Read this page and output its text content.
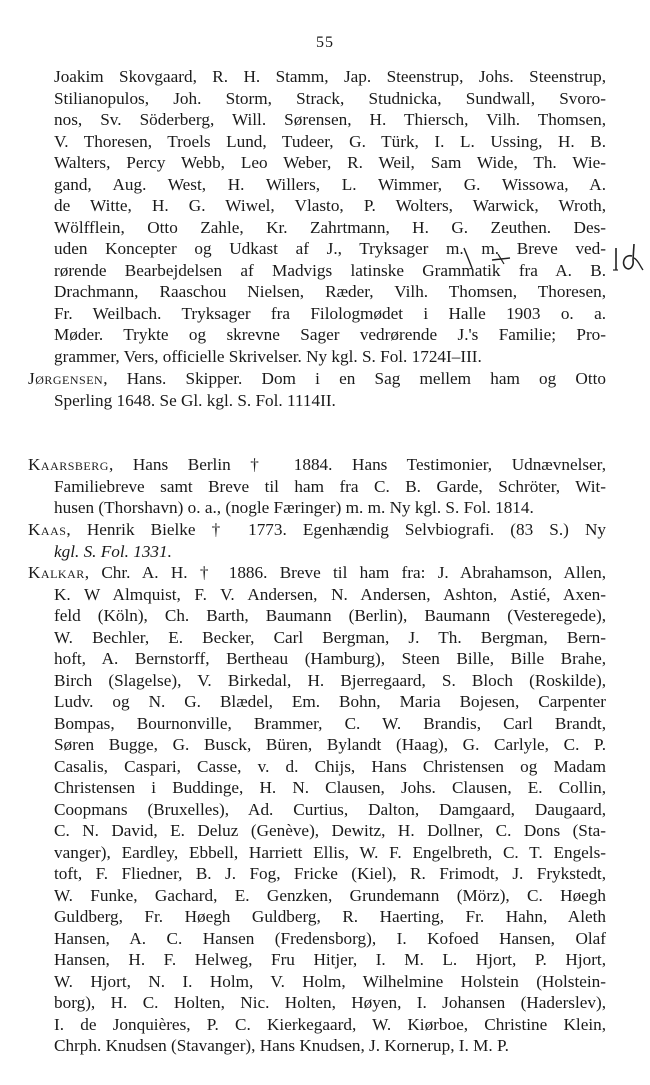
55
Joakim Skovgaard, R. H. Stamm, Jap. Steenstrup, Johs. Steenstrup,
Stilianopulos, Joh. Storm, Strack, Studnicka, Sundwall, Svoro-
nos, Sv. Söderberg, Will. Sørensen, H. Thiersch, Vilh. Thomsen,
V. Thoresen, Troels Lund, Tudeer, G. Türk, I. L. Ussing, H. B.
Walters, Percy Webb, Leo Weber, R. Weil, Sam Wide, Th. Wie-
gand, Aug. West, H. Willers, L. Wimmer, G. Wissowa, A.
de Witte, H. G. Wiwel, Vlasto, P. Wolters, Warwick, Wroth,
Wölfflein, Otto Zahle, Kr. Zahrtmann, H. G. Zeuthen. Des-
uden Koncepter og Udkast af J., Tryksager m. m. Breve ved-
rørende Bearbejdelsen af Madvigs latinske Grammatik fra A. B.
Drachmann, Raaschou Nielsen, Ræder, Vilh. Thomsen, Thoresen,
Fr. Weilbach. Tryksager fra Filologmødet i Halle 1903 o. a.
Møder. Trykte og skrevne Sager vedrørende J.'s Familie; Pro-
grammer, Vers, officielle Skrivelser. Ny kgl. S. Fol. 1724I–III.
Jørgensen, Hans. Skipper. Dom i en Sag mellem ham og Otto
Sperling 1648. Se Gl. kgl. S. Fol. 1114II.
Kaarsberg, Hans Berlin † 1884. Hans Testimonier, Udnævnelser,
Familiebreve samt Breve til ham fra C. B. Garde, Schröter, Wit-
husen (Thorshavn) o. a., (nogle Færinger) m. m. Ny kgl. S. Fol. 1814.
Kaas, Henrik Bielke † 1773. Egenhændig Selvbiografi. (83 S.) Ny
kgl. S. Fol. 1331.
Kalkar, Chr. A. H. † 1886. Breve til ham fra: J. Abrahamson, Allen,
K. W Almquist, F. V. Andersen, N. Andersen, Ashton, Astié, Axen-
feld (Köln), Ch. Barth, Baumann (Berlin), Baumann (Vesteregede),
W. Bechler, E. Becker, Carl Bergman, J. Th. Bergman, Bern-
hoft, A. Bernstorff, Bertheau (Hamburg), Steen Bille, Bille Brahe,
Birch (Slagelse), V. Birkedal, H. Bjerregaard, S. Bloch (Roskilde),
Ludv. og N. G. Blædel, Em. Bohn, Maria Bojesen, Carpenter
Bompas, Bournonville, Brammer, C. W. Brandis, Carl Brandt,
Søren Bugge, G. Busck, Büren, Bylandt (Haag), G. Carlyle, C. P.
Casalis, Caspari, Casse, v. d. Chijs, Hans Christensen og Madam
Christensen i Buddinge, H. N. Clausen, Johs. Clausen, E. Collin,
Coopmans (Bruxelles), Ad. Curtius, Dalton, Damgaard, Daugaard,
C. N. David, E. Deluz (Genève), Dewitz, H. Dollner, C. Dons (Sta-
vanger), Eardley, Ebbell, Harriett Ellis, W. F. Engelbreth, C. T. Engels-
toft, F. Fliedner, B. J. Fog, Fricke (Kiel), R. Frimodt, J. Frykstedt,
W. Funke, Gachard, E. Genzken, Grundemann (Mörz), C. Høegh
Guldberg, Fr. Høegh Guldberg, R. Haerting, Fr. Hahn, Aleth
Hansen, A. C. Hansen (Fredensborg), I. Kofoed Hansen, Olaf
Hansen, H. F. Helweg, Fru Hitjer, I. M. L. Hjort, P. Hjort,
W. Hjort, N. I. Holm, V. Holm, Wilhelmine Holstein (Holstein-
borg), H. C. Holten, Nic. Holten, Høyen, I. Johansen (Haderslev),
I. de Jonquières, P. C. Kierkegaard, W. Kiørboe, Christine Klein,
Chrph. Knudsen (Stavanger), Hans Knudsen, J. Kornerup, I. M. P.
